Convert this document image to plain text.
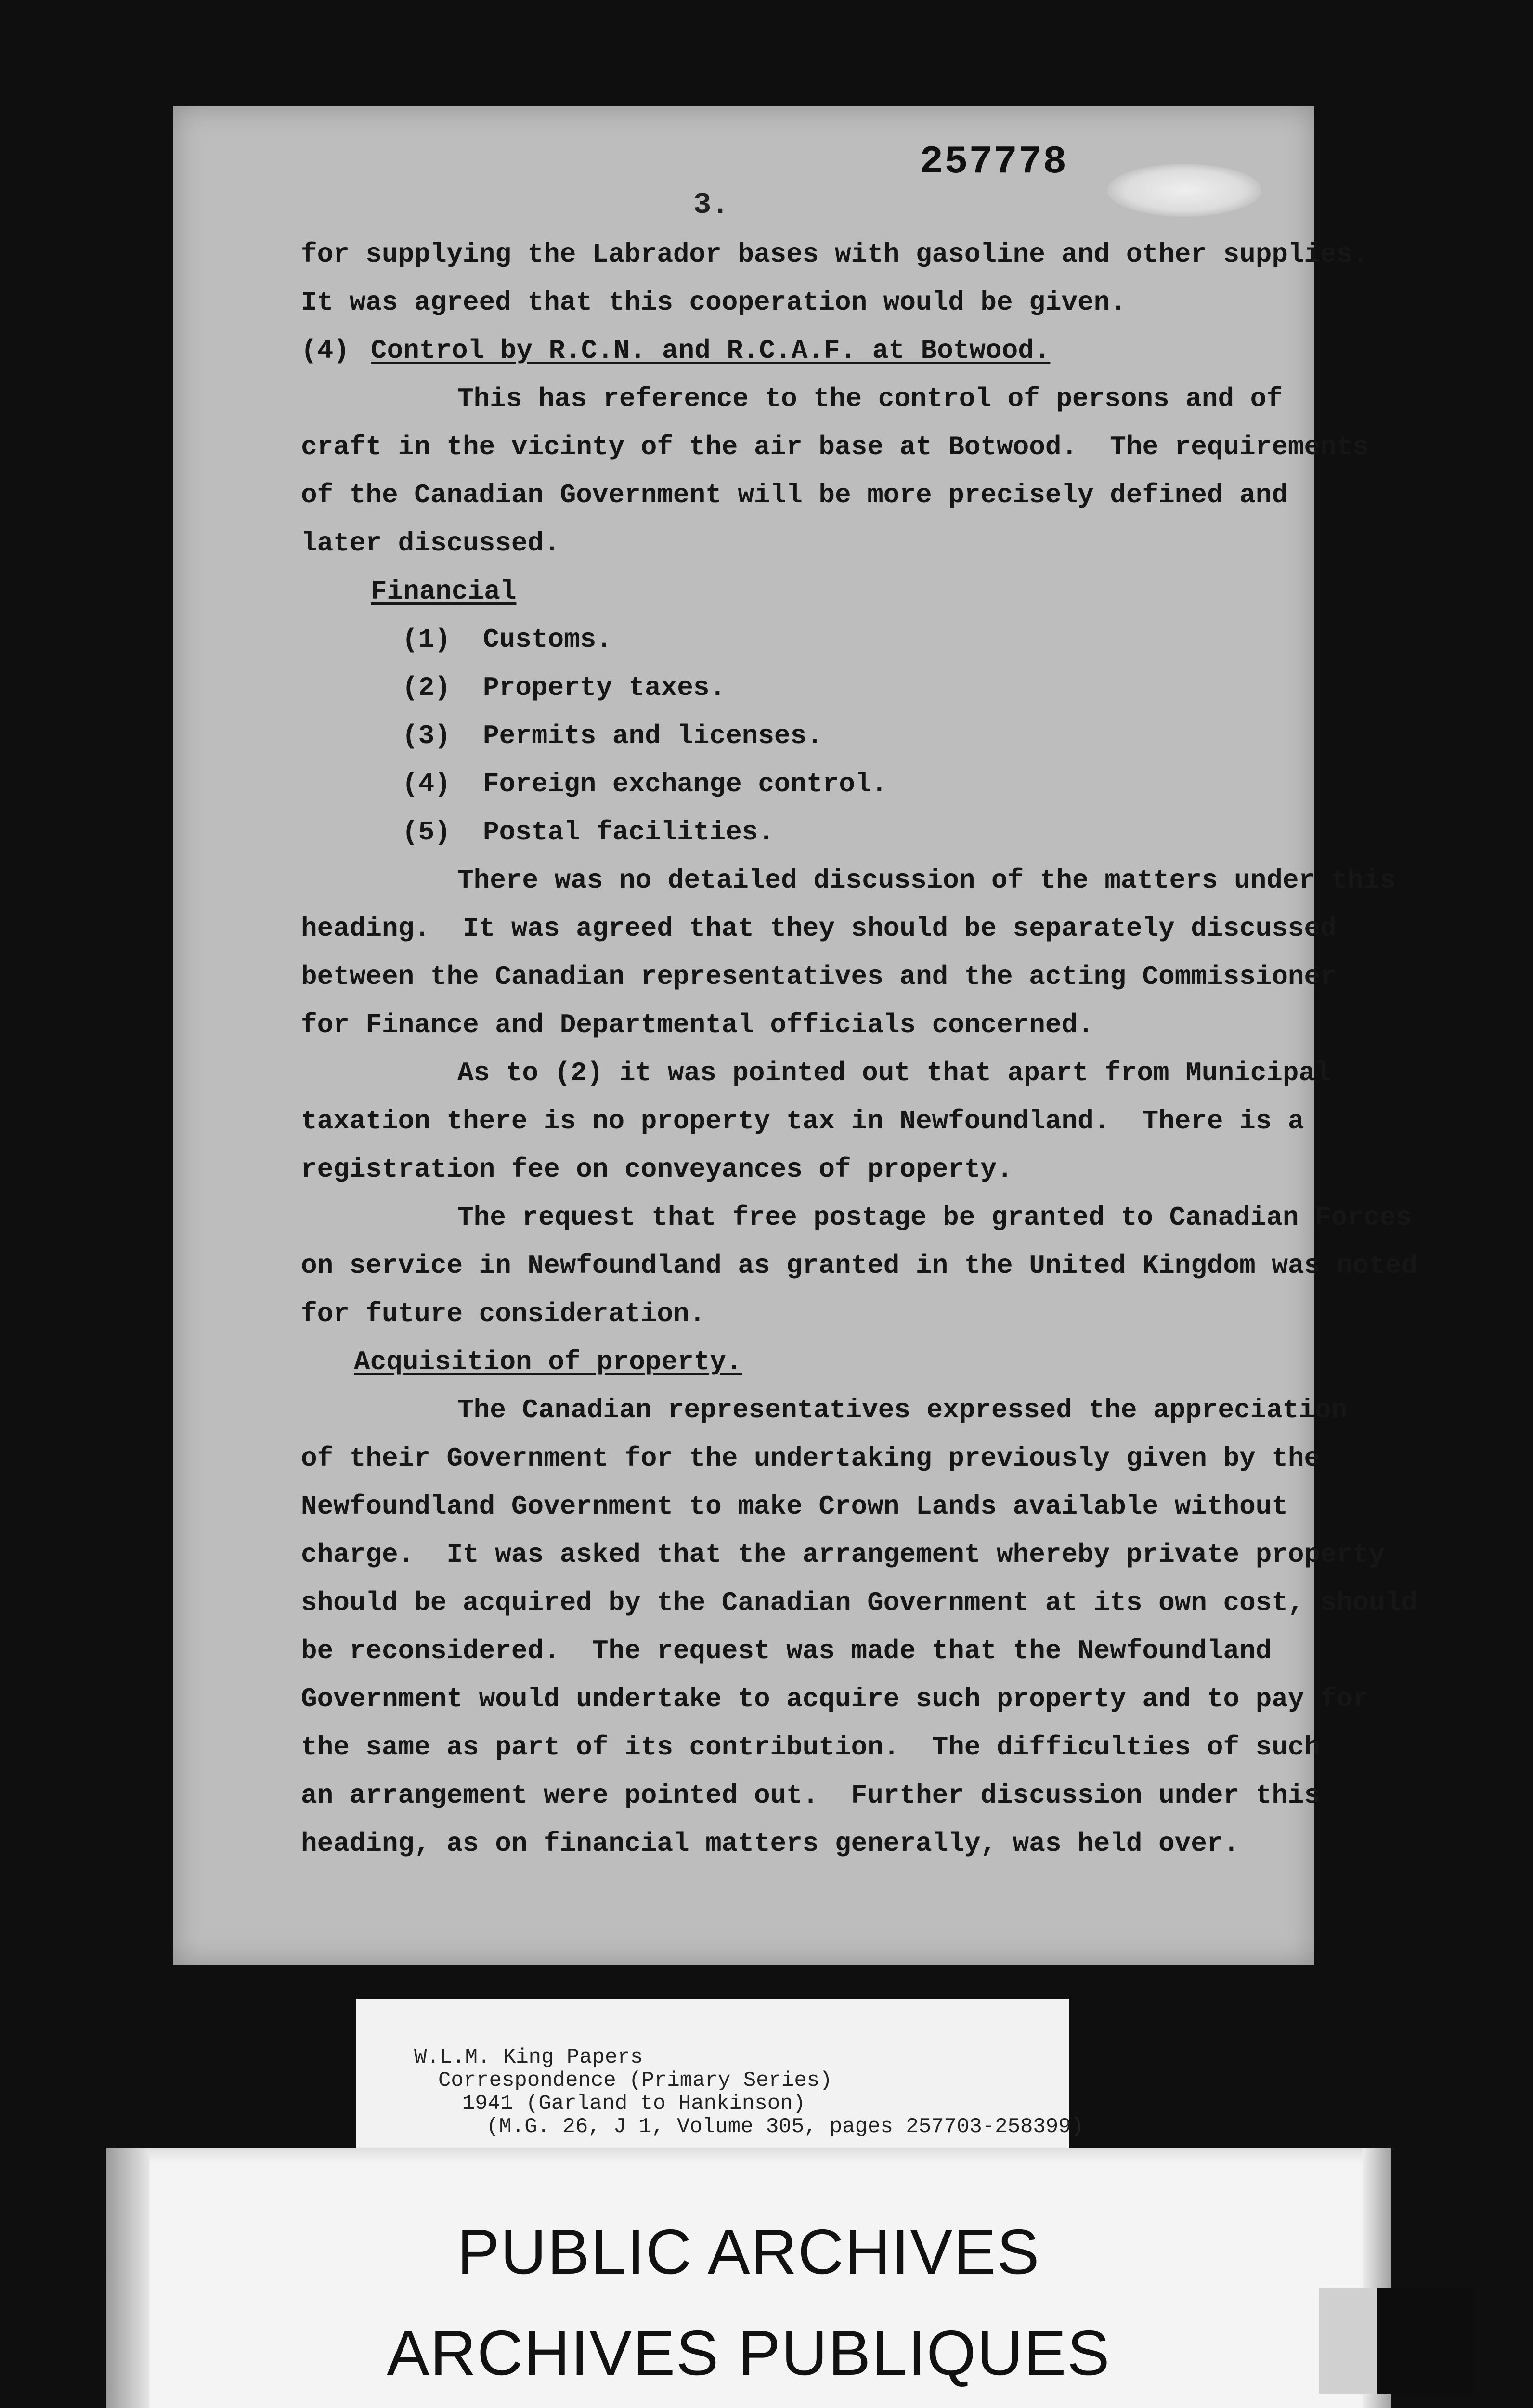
257778
3.
for supplying the Labrador bases with gasoline and other supplies.
It was agreed that this cooperation would be given.
(4) Control by R.C.N. and R.C.A.F. at Botwood.
This has reference to the control of persons and of
craft in the vicinty of the air base at Botwood.  The requirements
of the Canadian Government will be more precisely defined and
later discussed.
Financial
(1)  Customs.
(2)  Property taxes.
(3)  Permits and licenses.
(4)  Foreign exchange control.
(5)  Postal facilities.
There was no detailed discussion of the matters under this
heading.  It was agreed that they should be separately discussed
between the Canadian representatives and the acting Commissioner
for Finance and Departmental officials concerned.
As to (2) it was pointed out that apart from Municipal
taxation there is no property tax in Newfoundland.  There is a
registration fee on conveyances of property.
The request that free postage be granted to Canadian Forces
on service in Newfoundland as granted in the United Kingdom was noted
for future consideration.
Acquisition of property.
The Canadian representatives expressed the appreciation
of their Government for the undertaking previously given by the
Newfoundland Government to make Crown Lands available without
charge.  It was asked that the arrangement whereby private property
should be acquired by the Canadian Government at its own cost, should
be reconsidered.  The request was made that the Newfoundland
Government would undertake to acquire such property and to pay for
the same as part of its contribution.  The difficulties of such
an arrangement were pointed out.  Further discussion under this
heading, as on financial matters generally, was held over.
W.L.M. King Papers
Correspondence (Primary Series)
1941 (Garland to Hankinson)
(M.G. 26, J 1, Volume 305, pages 257703-258399)
PUBLIC ARCHIVES
ARCHIVES PUBLIQUES
